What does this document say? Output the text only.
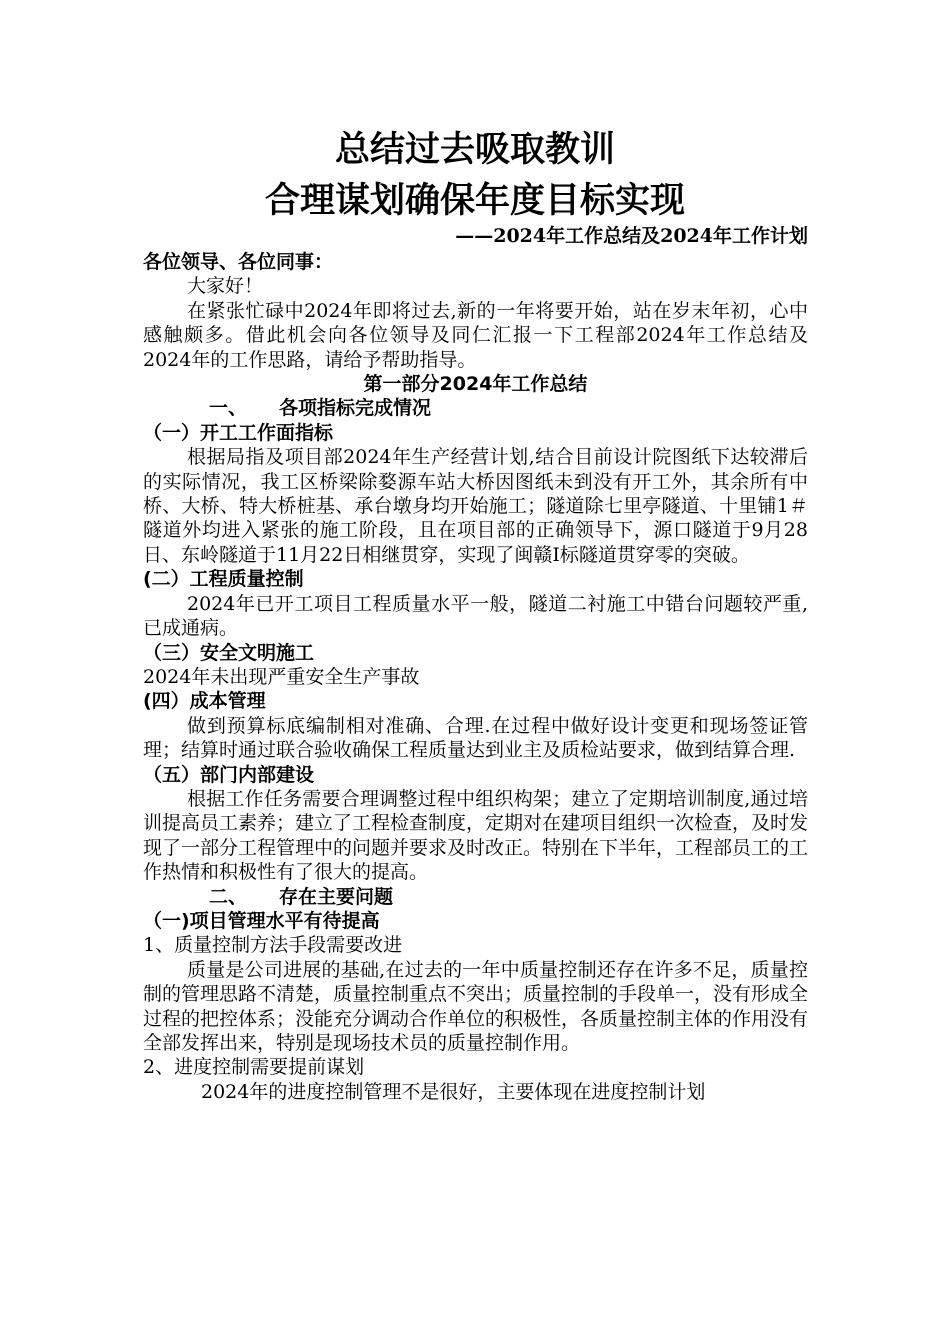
总结过去吸取教训
合理谋划确保年度目标实现
——2024年工作总结及2024年工作计划

各位领导、各位同事：

大家好！

在紧张忙碌中2024年即将过去,新的一年将要开始，站在岁末年初，心中感触颇多。借此机会向各位领导及同仁汇报一下工程部2024年工作总结及2024年的工作思路，请给予帮助指导。

第一部分2024年工作总结

一、 各项指标完成情况

（一）开工工作面指标

根据局指及项目部2024年生产经营计划,结合目前设计院图纸下达较滞后的实际情况，我工区桥梁除婺源车站大桥因图纸未到没有开工外，其余所有中桥、大桥、特大桥桩基、承台墩身均开始施工；隧道除七里亭隧道、十里铺1＃隧道外均进入紧张的施工阶段，且在项目部的正确领导下，源口隧道于9月28日、东岭隧道于11月22日相继贯穿，实现了闽赣Ⅰ标隧道贯穿零的突破。

(二）工程质量控制

2024年已开工项目工程质量水平一般，隧道二衬施工中错台问题较严重,已成通病。

（三）安全文明施工

2024年未出现严重安全生产事故

(四）成本管理

做到预算标底编制相对准确、合理.在过程中做好设计变更和现场签证管理；结算时通过联合验收确保工程质量达到业主及质检站要求，做到结算合理.

（五）部门内部建设

根据工作任务需要合理调整过程中组织构架；建立了定期培训制度,通过培训提高员工素养；建立了工程检查制度，定期对在建项目组织一次检查，及时发现了一部分工程管理中的问题并要求及时改正。特别在下半年，工程部员工的工作热情和积极性有了很大的提高。

二、 存在主要问题

（一)项目管理水平有待提高

1、质量控制方法手段需要改进

质量是公司进展的基础,在过去的一年中质量控制还存在许多不足，质量控制的管理思路不清楚，质量控制重点不突出；质量控制的手段单一，没有形成全过程的把控体系；没能充分调动合作单位的积极性，各质量控制主体的作用没有全部发挥出来，特别是现场技术员的质量控制作用。

2、进度控制需要提前谋划

2024年的进度控制管理不是很好，主要体现在进度控制计划
